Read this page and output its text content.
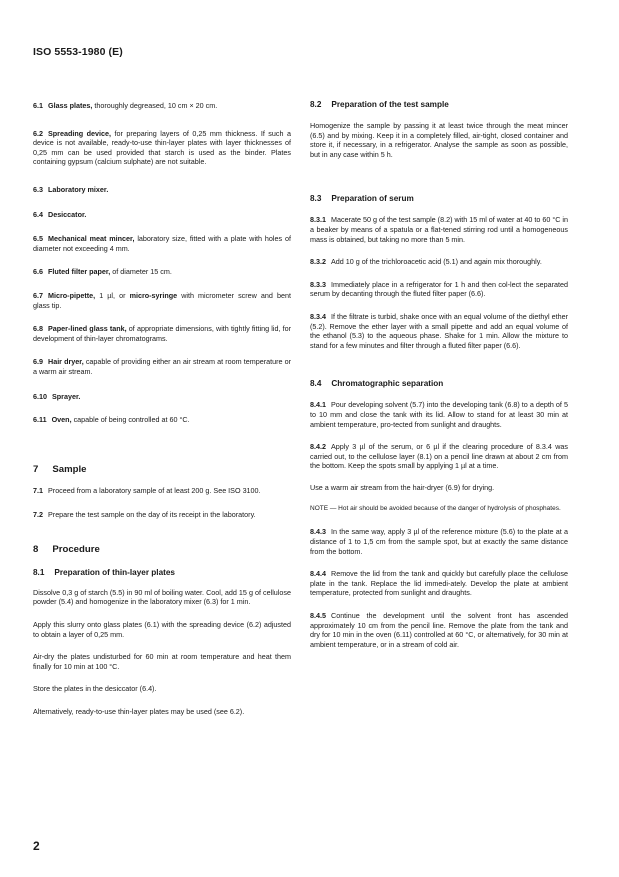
ISO 5553-1980 (E)

6.1 Glass plates, thoroughly degreased, 10 cm × 20 cm.

6.2 Spreading device, for preparing layers of 0,25 mm thickness. If such a device is not available, ready-to-use thin-layer plates with layer thicknesses of 0,25 mm can be used provided that starch is used as the binder. Plates containing gypsum (calcium sulphate) are not suitable.

6.3 Laboratory mixer.

6.4 Desiccator.

6.5 Mechanical meat mincer, laboratory size, fitted with a plate with holes of diameter not exceeding 4 mm.

6.6 Fluted filter paper, of diameter 15 cm.

6.7 Micro-pipette, 1 µl, or micro-syringe with micrometer screw and bent glass tip.

6.8 Paper-lined glass tank, of appropriate dimensions, with tightly fitting lid, for development of thin-layer chromatograms.

6.9 Hair dryer, capable of providing either an air stream at room temperature or a warm air stream.

6.10 Sprayer.

6.11 Oven, capable of being controlled at 60 °C.

7 Sample

7.1 Proceed from a laboratory sample of at least 200 g. See ISO 3100.

7.2 Prepare the test sample on the day of its receipt in the laboratory.

8 Procedure

8.1 Preparation of thin-layer plates

Dissolve 0,3 g of starch (5.5) in 90 ml of boiling water. Cool, add 15 g of cellulose powder (5.4) and homogenize in the laboratory mixer (6.3) for 1 min.

Apply this slurry onto glass plates (6.1) with the spreading device (6.2) adjusted to obtain a layer of 0,25 mm.

Air-dry the plates undisturbed for 60 min at room temperature and heat them finally for 10 min at 100 °C.

Store the plates in the desiccator (6.4).

Alternatively, ready-to-use thin-layer plates may be used (see 6.2).

8.2 Preparation of the test sample

Homogenize the sample by passing it at least twice through the meat mincer (6.5) and by mixing. Keep it in a completely filled, air-tight, closed container and store it, if necessary, in a refrigerator. Analyse the sample as soon as possible, but in any case within 5 h.

8.3 Preparation of serum

8.3.1 Macerate 50 g of the test sample (8.2) with 15 ml of water at 40 to 60 °C in a beaker by means of a spatula or a flat-tened stirring rod until a homogeneous mass is obtained, but taking no more than 5 min.

8.3.2 Add 10 g of the trichloroacetic acid (5.1) and again mix thoroughly.

8.3.3 Immediately place in a refrigerator for 1 h and then col-lect the separated serum by decanting through the fluted filter paper (6.6).

8.3.4 If the filtrate is turbid, shake once with an equal volume of the diethyl ether (5.2). Remove the ether layer with a small pipette and add an equal volume of the ethanol (5.3) to the aqueous phase. Shake for 1 min. Allow the mixture to stand for a few minutes and filter through a fluted filter paper (6.6).

8.4 Chromatographic separation

8.4.1 Pour developing solvent (5.7) into the developing tank (6.8) to a depth of 5 to 10 mm and close the tank with its lid. Allow to stand for at least 30 min at ambient temperature, pro-tected from sunlight and draughts.

8.4.2 Apply 3 µl of the serum, or 6 µl if the clearing procedure of 8.3.4 was carried out, to the cellulose layer (8.1) on a pencil line drawn at about 2 cm from the bottom. Keep the spots small by applying 1 µl at a time.

Use a warm air stream from the hair-dryer (6.9) for drying.

NOTE — Hot air should be avoided because of the danger of hydrolysis of phosphates.

8.4.3 In the same way, apply 3 µl of the reference mixture (5.6) to the plate at a distance of 1 to 1,5 cm from the sample spot, but at exactly the same distance from the bottom.

8.4.4 Remove the lid from the tank and quickly but carefully place the cellulose plate in the tank. Replace the lid immedi-ately. Develop the plate at ambient temperature, protected from sunlight and draughts.

8.4.5 Continue the development until the solvent front has ascended approximately 10 cm from the pencil line. Remove the plate from the tank and dry for 10 min in the oven (6.11) controlled at 60 °C, or alternatively, for 30 min at ambient temperature, or in a stream of cold air.

2
